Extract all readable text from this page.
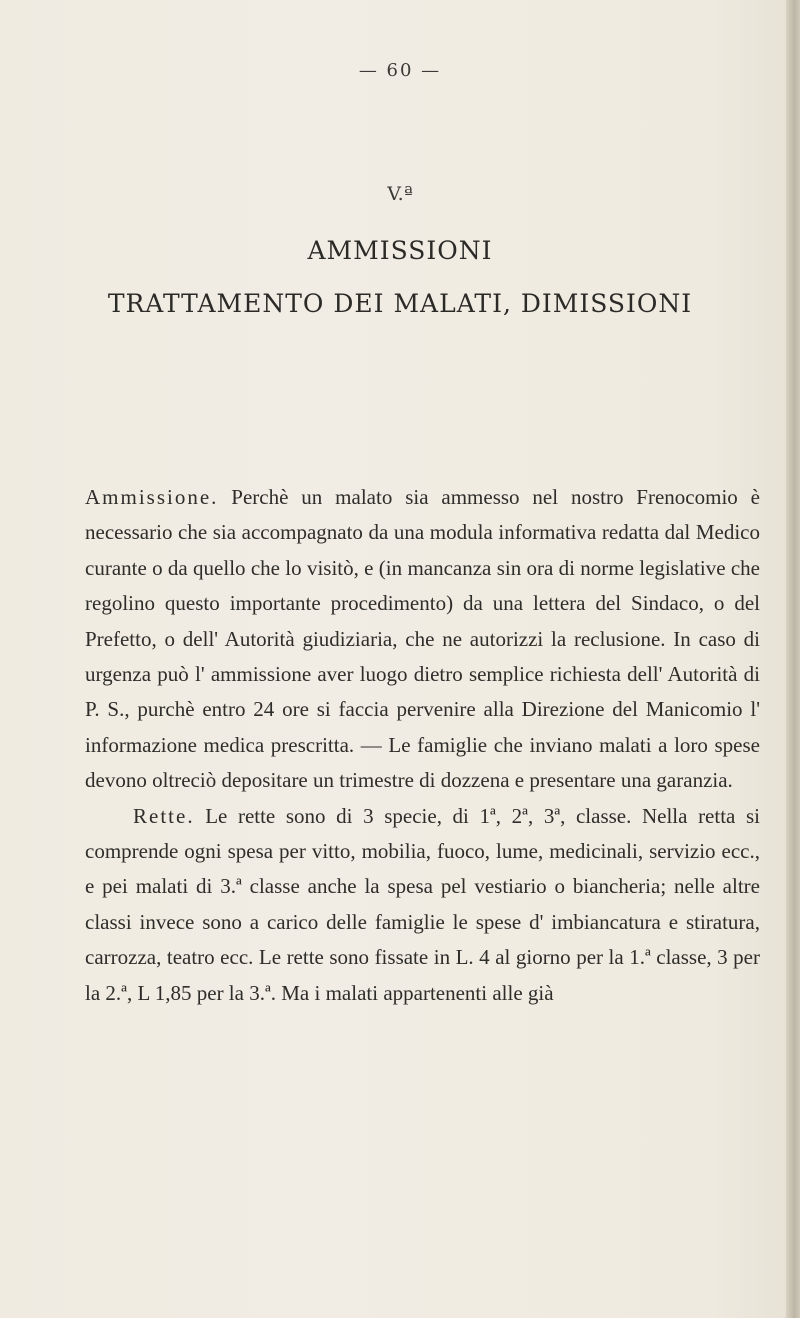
— 60 —
V.ª
AMMISSIONI
TRATTAMENTO DEI MALATI, DIMISSIONI

Ammissione. Perchè un malato sia ammesso nel nostro Frenocomio è necessario che sia accompagnato da una modula informativa redatta dal Medico curante o da quello che lo visitò, e (in mancanza sin ora di norme legislative che regolino questo importante procedimento) da una lettera del Sindaco, o del Prefetto, o dell' Autorità giudiziaria, che ne autorizzi la reclusione. In caso di urgenza può l' ammissione aver luogo dietro semplice richiesta dell' Autorità di P. S., purchè entro 24 ore si faccia pervenire alla Direzione del Manicomio l' informazione medica prescritta. — Le famiglie che inviano malati a loro spese devono oltreciò depositare un trimestre di dozzena e presentare una garanzia.

Rette. Le rette sono di 3 specie, di 1ª, 2ª, 3ª, classe. Nella retta si comprende ogni spesa per vitto, mobilia, fuoco, lume, medicinali, servizio ecc., e pei malati di 3.ª classe anche la spesa pel vestiario o biancheria; nelle altre classi invece sono a carico delle famiglie le spese d' imbiancatura e stiratura, carrozza, teatro ecc. Le rette sono fissate in L. 4 al giorno per la 1.ª classe, 3 per la 2.ª, L 1,85 per la 3.ª. Ma i malati appartenenti alle già
